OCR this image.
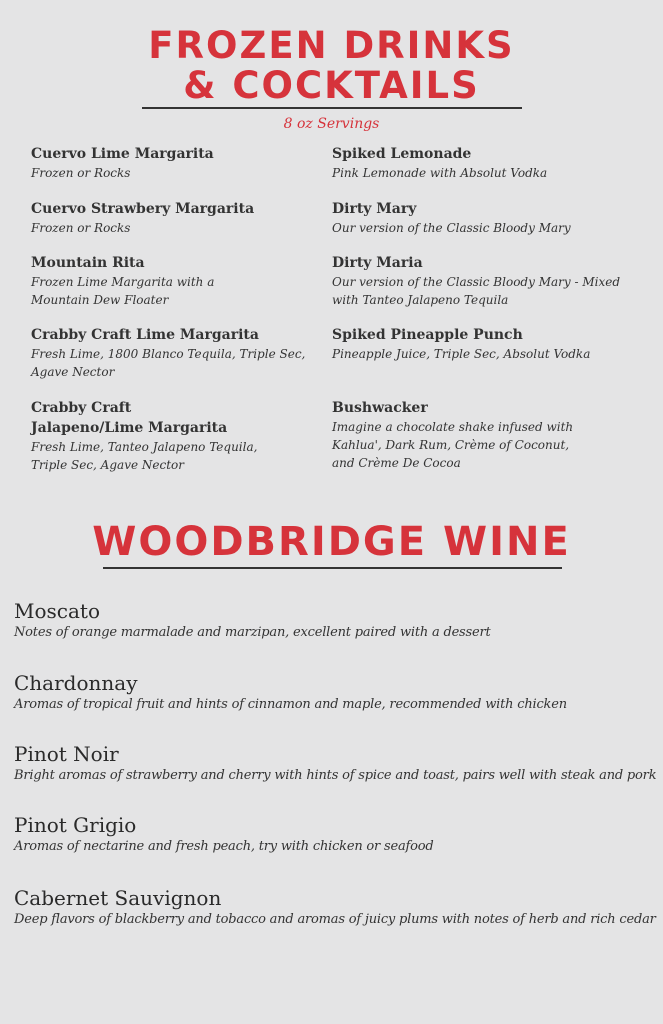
FROZEN DRINKS
& COCKTAILS
8 oz Servings
Cuervo Lime Margarita
Frozen or Rocks
Cuervo Strawbery Margarita
Frozen or Rocks
Mountain Rita
Frozen Lime Margarita with a
Mountain Dew Floater
Crabby Craft Lime Margarita
Fresh Lime, 1800 Blanco Tequila, Triple Sec,
Agave Nector
Crabby Craft
Jalapeno/Lime Margarita
Fresh Lime, Tanteo Jalapeno Tequila,
Triple Sec, Agave Nector
Spiked Lemonade
Pink Lemonade with Absolut Vodka
Dirty Mary
Our version of the Classic Bloody Mary
Dirty Maria
Our version of the Classic Bloody Mary - Mixed
with Tanteo Jalapeno Tequila
Spiked Pineapple Punch
Pineapple Juice, Triple Sec, Absolut Vodka
Bushwacker
Imagine a chocolate shake infused with
Kahlua', Dark Rum, Crème of Coconut,
and Crème De Cocoa
WOODBRIDGE WINE
Moscato
Notes of orange marmalade and marzipan, excellent paired with a dessert
Chardonnay
Aromas of tropical fruit and hints of cinnamon and maple, recommended with chicken
Pinot Noir
Bright aromas of strawberry and cherry with hints of spice and toast, pairs well with steak and pork
Pinot Grigio
Aromas of nectarine and fresh peach, try with chicken or seafood
Cabernet Sauvignon
Deep flavors of blackberry and tobacco and aromas of juicy plums with notes of herb and rich cedar
